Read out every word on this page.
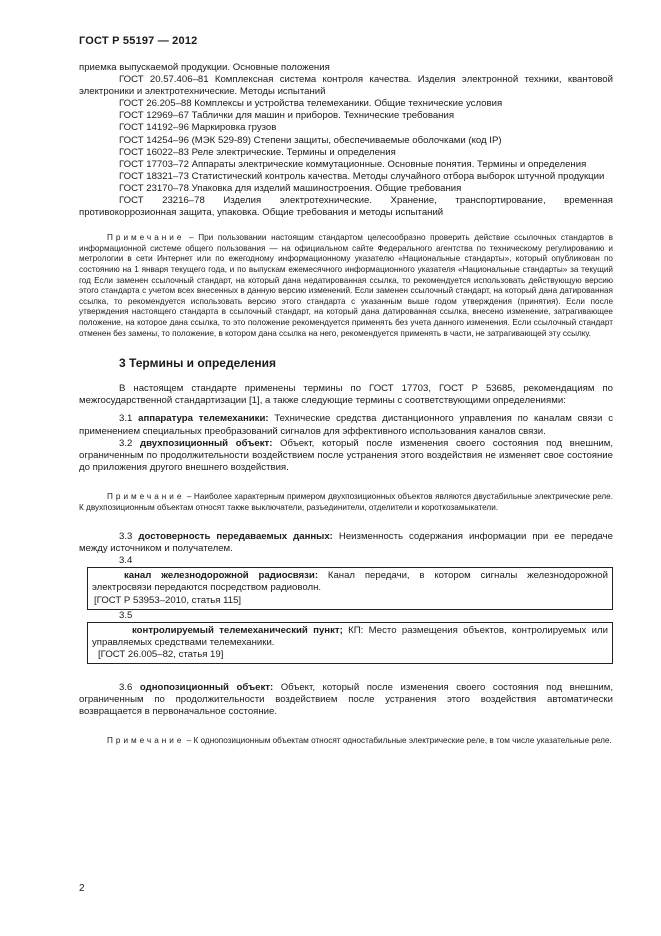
ГОСТ Р 55197 — 2012

приемка выпускаемой продукции. Основные положения

ГОСТ 20.57.406–81 Комплексная система контроля качества. Изделия электронной техники, квантовой электроники и электротехнические. Методы испытаний

ГОСТ 26.205–88 Комплексы и устройства телемеханики. Общие технические условия

ГОСТ 12969–67 Таблички для машин и приборов. Технические требования

ГОСТ 14192–96 Маркировка грузов

ГОСТ 14254–96 (МЭК 529-89) Степени защиты, обеспечиваемые оболочками (код IP)

ГОСТ 16022–83 Реле электрические. Термины и определения

ГОСТ 17703–72 Аппараты электрические коммутационные. Основные понятия. Термины и определения

ГОСТ 18321–73 Статистический контроль качества. Методы случайного отбора выборок штучной продукции

ГОСТ 23170–78 Упаковка для изделий машиностроения. Общие требования

ГОСТ 23216–78 Изделия электротехнические. Хранение, транспортирование, временная противокоррозионная защита, упаковка. Общие требования и методы испытаний

Примечание – При пользовании настоящим стандартом целесообразно проверить действие ссылочных стандартов в информационной системе общего пользования — на официальном сайте Федерального агентства по техническому регулированию и метрологии в сети Интернет или по ежегодному информационному указателю «Национальные стандарты», который опубликован по состоянию на 1 января текущего года, и по выпускам ежемесячного информационного указателя «Национальные стандарты» за текущий год Если заменен ссылочный стандарт, на который дана недатированная ссылка, то рекомендуется использовать действующую версию этого стандарта с учетом всех внесенных в данную версию изменений. Если заменен ссылочный стандарт, на который дана датированная ссылка, то рекомендуется использовать версию этого стандарта с указанным выше годом утверждения (принятия). Если после утверждения настоящего стандарта в ссылочный стандарт, на который дана датированная ссылка, внесено изменение, затрагивающее положение, на которое дана ссылка, то это положение рекомендуется применять без учета данного изменения. Если ссылочный стандарт отменен без замены, то положение, в котором дана ссылка на него, рекомендуется применять в части, не затрагивающей эту ссылку.

3 Термины и определения

В настоящем стандарте применены термины по ГОСТ 17703, ГОСТ Р 53685, рекомендациям по межгосударственной стандартизации [1], а также следующие термины с соответствующими определениями:

3.1 аппаратура телемеханики: Технические средства дистанционного управления по каналам связи с применением специальных преобразований сигналов для эффективного использования каналов связи.

3.2 двухпозиционный объект: Объект, который после изменения своего состояния под внешним, ограниченным по продолжительности воздействием после устранения этого воздействия не изменяет свое состояние до приложения другого внешнего воздействия.

Примечание – Наиболее характерным примером двухпозиционных объектов являются двустабильные электрические реле. К двухпозиционным объектам относят также выключатели, разъединители, отделители и короткозамыкатели.

3.3 достоверность передаваемых данных: Неизменность содержания информации при ее передаче между источником и получателем.

3.4
канал железнодорожной радиосвязи: Канал передачи, в котором сигналы железнодорожной электросвязи передаются посредством радиоволн.
[ГОСТ Р 53953–2010, статья 115]
3.5
контролируемый телемеханический пункт; КП: Место размещения объектов, контролируемых или управляемых средствами телемеханики.
[ГОСТ 26.005–82, статья 19]

3.6 однопозиционный объект: Объект, который после изменения своего состояния под внешним, ограниченным по продолжительности воздействием после устранения этого воздействия автоматически возвращается в первоначальное состояние.

Примечание – К однопозиционным объектам относят одностабильные электрические реле, в том числе указательные реле.

2
